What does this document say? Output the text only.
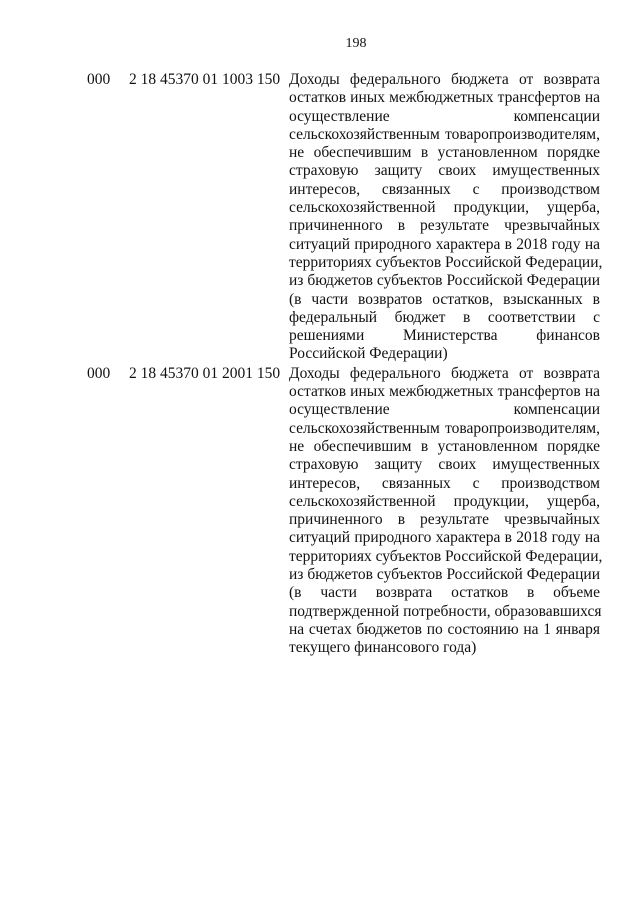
198
000	2 18 45370 01 1003 150 Доходы федерального бюджета от возврата
остатков иных межбюджетных трансфертов на
осуществление компенсации
сельскохозяйственным товаропроизводителям,
не обеспечившим в установленном порядке
страховую защиту своих имущественных
интересов, связанных с производством
сельскохозяйственной продукции, ущерба,
причиненного в результате чрезвычайных
ситуаций природного характера в 2018 году на
территориях субъектов Российской Федерации,
из бюджетов субъектов Российской Федерации
(в части возвратов остатков, взысканных в
федеральный бюджет в соответствии с
решениями Министерства финансов
Российской Федерации)
000	2 18 45370 01 2001 150 Доходы федерального бюджета от возврата
остатков иных межбюджетных трансфертов на
осуществление компенсации
сельскохозяйственным товаропроизводителям,
не обеспечившим в установленном порядке
страховую защиту своих имущественных
интересов, связанных с производством
сельскохозяйственной продукции, ущерба,
причиненного в результате чрезвычайных
ситуаций природного характера в 2018 году на
территориях субъектов Российской Федерации,
из бюджетов субъектов Российской Федерации
(в части возврата остатков в объеме
подтвержденной потребности, образовавшихся
на счетах бюджетов по состоянию на 1 января
текущего финансового года)
